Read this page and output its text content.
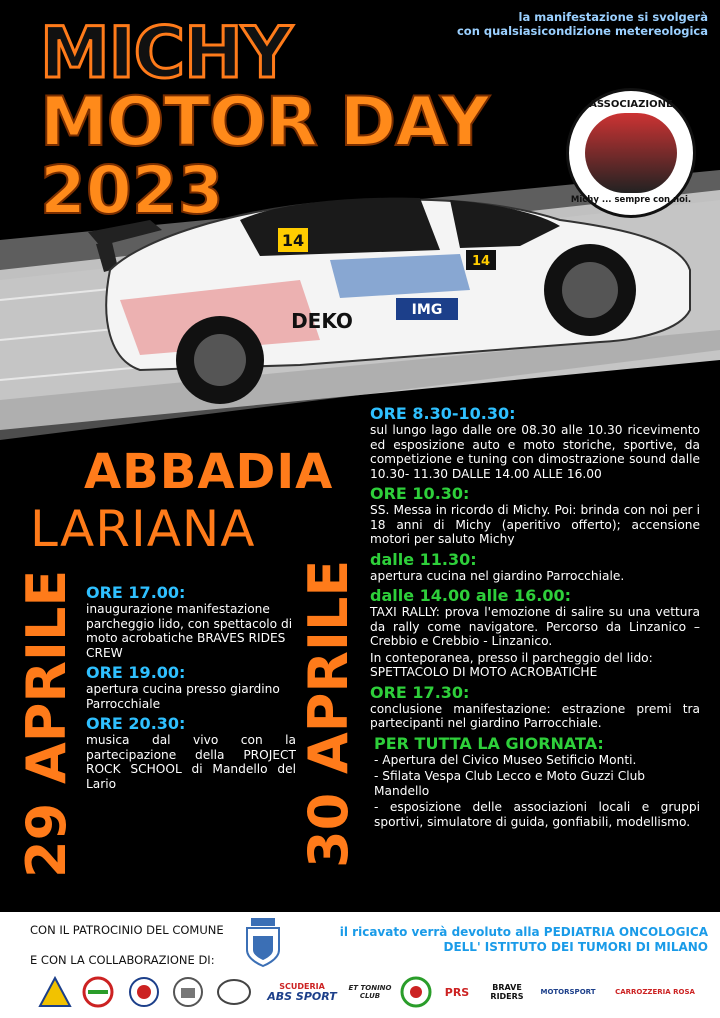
la manifestazione si svolgerà
con qualsiasicondizione metereologica
MICHY
MOTOR DAY
2023
14
14
DEKO	IMG
ASSOCIAZIONE
Michy ... sempre con noi.
ABBADIA
LARIANA
29 APRILE	30 APRILE
ORE 17.00:
inaugurazione manifestazione parcheggio lido, con spettacolo di moto acrobatiche BRAVES RIDES CREW
ORE 19.00:
apertura cucina presso giardino Parrocchiale
ORE 20.30:
musica dal vivo con la partecipazione della PROJECT ROCK SCHOOL di Mandello del Lario
ORE 8.30-10.30:
sul lungo lago dalle ore 08.30 alle 10.30 ricevimento ed esposizione auto e moto storiche, sportive, da competizione e tuning con dimostrazione sound dalle 10.30- 11.30 DALLE 14.00 ALLE 16.00
ORE 10.30:
SS. Messa in ricordo di Michy. Poi: brinda con noi per i 18 anni di Michy (aperitivo offerto); accensione motori per saluto Michy
dalle 11.30:
apertura cucina nel giardino Parrocchiale.
dalle 14.00 alle 16.00:
TAXI RALLY: prova l'emozione di salire su una vettura da rally come navigatore. Percorso da Linzanico – Crebbio e Crebbio - Linzanico.
In conteporanea, presso il parcheggio del lido: SPETTACOLO DI MOTO ACROBATICHE
ORE 17.30:
conclusione manifestazione: estrazione premi tra partecipanti nel giardino Parrocchiale.
PER TUTTA LA GIORNATA:
- Apertura del Civico Museo Setificio Monti.
- Sfilata Vespa Club Lecco e Moto Guzzi Club Mandello
- esposizione delle associazioni locali e gruppi sportivi, simulatore di guida, gonfiabili, modellismo.
CON IL PATROCINIO DEL COMUNE
E CON LA COLLABORAZIONE DI:
il ricavato verrà devoluto alla PEDIATRIA ONCOLOGICA
DELL' ISTITUTO DEI TUMORI DI MILANO
SCUDERIA
ABS SPORT
ET TONINO CLUB	PRS	BRAVE RIDERS	MOTORSPORT	CARROZZERIA ROSA
